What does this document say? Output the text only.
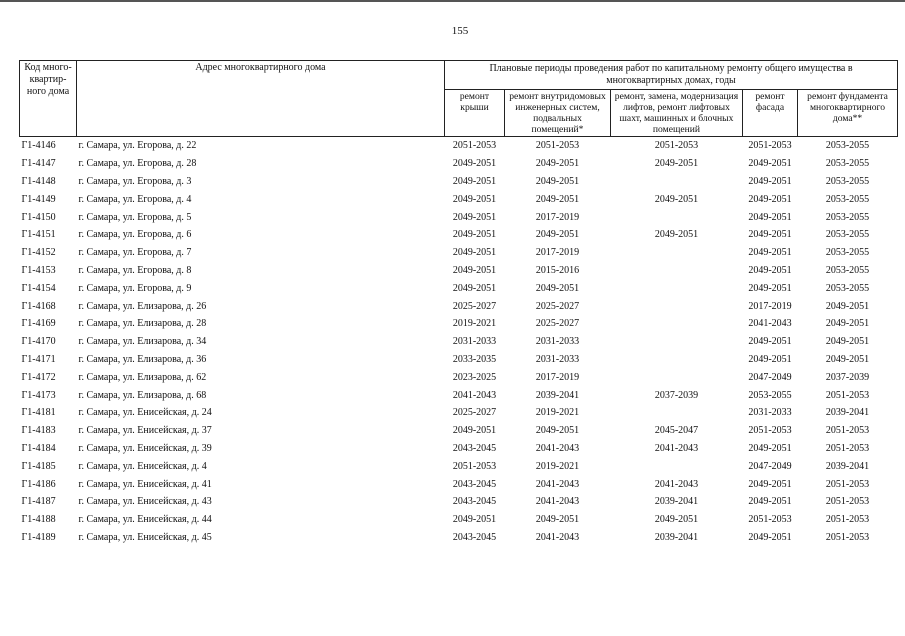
155
Код много-
квартир-
ного дома	Адрес многоквартирного дома	Плановые периоды проведения работ по капитальному ремонту общего имущества в многоквартирных домах, годы				
		ремонт крыши	ремонт внутридомовых инженерных систем, подвальных помещений*	ремонт, замена, модернизация лифтов, ремонт лифтовых шахт, машинных и блочных помещений	ремонт фасада	ремонт фундамента многоквартирного дома**
Г1-4146	г. Самара, ул. Егорова, д. 22	2051-2053	2051-2053	2051-2053	2051-2053	2053-2055
Г1-4147	г. Самара, ул. Егорова, д. 28	2049-2051	2049-2051	2049-2051	2049-2051	2053-2055
Г1-4148	г. Самара, ул. Егорова, д. 3	2049-2051	2049-2051		2049-2051	2053-2055
Г1-4149	г. Самара, ул. Егорова, д. 4	2049-2051	2049-2051	2049-2051	2049-2051	2053-2055
Г1-4150	г. Самара, ул. Егорова, д. 5	2049-2051	2017-2019		2049-2051	2053-2055
Г1-4151	г. Самара, ул. Егорова, д. 6	2049-2051	2049-2051	2049-2051	2049-2051	2053-2055
Г1-4152	г. Самара, ул. Егорова, д. 7	2049-2051	2017-2019		2049-2051	2053-2055
Г1-4153	г. Самара, ул. Егорова, д. 8	2049-2051	2015-2016		2049-2051	2053-2055
Г1-4154	г. Самара, ул. Егорова, д. 9	2049-2051	2049-2051		2049-2051	2053-2055
Г1-4168	г. Самара, ул. Елизарова, д. 26	2025-2027	2025-2027		2017-2019	2049-2051
Г1-4169	г. Самара, ул. Елизарова, д. 28	2019-2021	2025-2027		2041-2043	2049-2051
Г1-4170	г. Самара, ул. Елизарова, д. 34	2031-2033	2031-2033		2049-2051	2049-2051
Г1-4171	г. Самара, ул. Елизарова, д. 36	2033-2035	2031-2033		2049-2051	2049-2051
Г1-4172	г. Самара, ул. Елизарова, д. 62	2023-2025	2017-2019		2047-2049	2037-2039
Г1-4173	г. Самара, ул. Елизарова, д. 68	2041-2043	2039-2041	2037-2039	2053-2055	2051-2053
Г1-4181	г. Самара, ул. Енисейская, д. 24	2025-2027	2019-2021		2031-2033	2039-2041
Г1-4183	г. Самара, ул. Енисейская, д. 37	2049-2051	2049-2051	2045-2047	2051-2053	2051-2053
Г1-4184	г. Самара, ул. Енисейская, д. 39	2043-2045	2041-2043	2041-2043	2049-2051	2051-2053
Г1-4185	г. Самара, ул. Енисейская, д. 4	2051-2053	2019-2021		2047-2049	2039-2041
Г1-4186	г. Самара, ул. Енисейская, д. 41	2043-2045	2041-2043	2041-2043	2049-2051	2051-2053
Г1-4187	г. Самара, ул. Енисейская, д. 43	2043-2045	2041-2043	2039-2041	2049-2051	2051-2053
Г1-4188	г. Самара, ул. Енисейская, д. 44	2049-2051	2049-2051	2049-2051	2051-2053	2051-2053
Г1-4189	г. Самара, ул. Енисейская, д. 45	2043-2045	2041-2043	2039-2041	2049-2051	2051-2053
